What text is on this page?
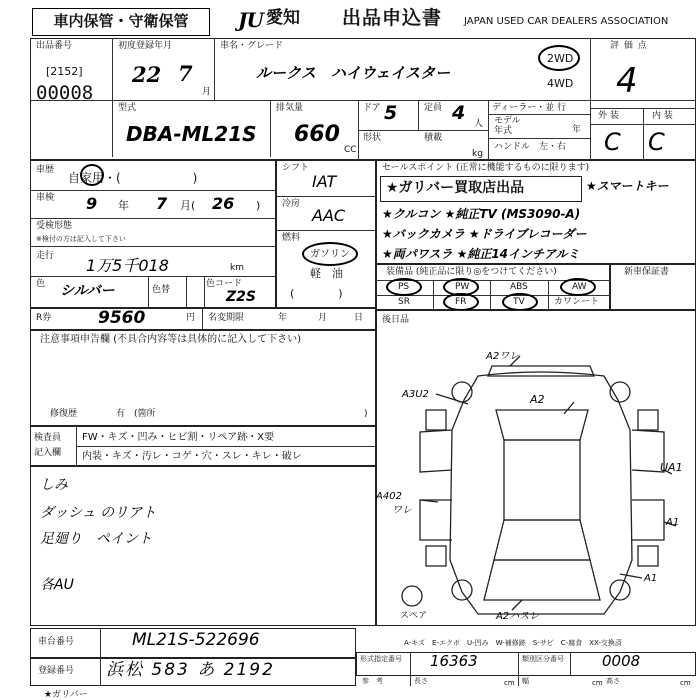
車内保管・守衛保管	JU 愛知 出品申込書 JAPAN USED CAR DEALERS ASSOCIATION
出品番号
[2152]
00008
初度登録年月
22 7
月
車名・グレード
ルークス　ハイウェイスター
2WD
4WD
評 価 点
4
外 装	内 装
C C
型式
DBA-ML21S
排気量
660
CC
ドア 5	定員 4 人
形状	積載
kg
ディーラー・並 行
モデル
年式	年
ハンドル　左・右
車歴
自家用・(　　　　　　)
車検 9 年 7 月( 26 )
受検形態
※検付の方は記入して下さい
走行 1万5千018	km
色 シルバー	色替
色コード
Z2S
R券	9560	円 名変期限	年	月	日
シフト
IAT
冷房
AAC
燃料
ガソリン
軽　油
(　　　　)
セールスポイント (正常に機能するものに限ります)
★ガリバー買取店出品	★スマートキー
★クルコン ★純正TV (MS3090-A)
★バックカメラ ★ドライブレコーダー
★両パワスラ ★純正14インチアルミ
装備品 (純正品に限り◎をつけてください)	新車保証書
PS	PW	ABS	AW
SR	FR	TV	カワンート
注意事項申告欄 (不具合内容等は具体的に記入して下さい)
修復歴	有　(箇所	)
検査員
記入欄
FW・キズ・凹み・ヒビ割・リペア跡・X要
内装・キズ・汚レ・コゲ・穴・スレ・キレ・破レ
しみ
ダッシュ のリアト
足廻り　ペイント
各AU
後日品
A2ワレ
A3U2	A2
UA1
A402
ワレ
A1
A1
A2ハスレ
スペア
A-キズ　E-エクボ　U-凹み　W-補修跡　S-サビ　C-腐食　XX-交換済
車台番号	ML21S-522696
登録番号 浜松 583 あ 2192
形式指定番号 16363	類別区分番号	0008
参　考	長さ	cm 幅	cm 高さ	cm
★ガリバー
